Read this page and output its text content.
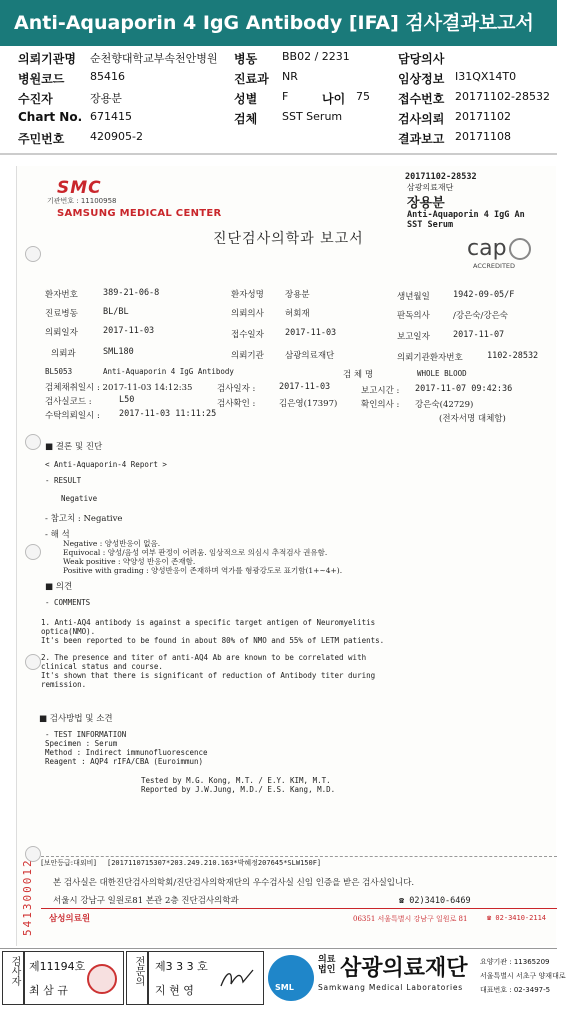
Anti-Aquaporin 4 IgG Antibody [IFA] 검사결과보고서
의뢰기관명 순천향대학교부속천안병원 병동 BB02 / 2231	담당의사
병원코드 85416	진료과 NR	임상정보 I31QX14T0
수진자	장용분	성별 F	나이 75 접수번호 20171102-28532
Chart No. 671415	검체 SST Serum	검사의뢰 20171102
주민번호 420905-2	결과보고 20171108
SMC
기관번호 : 11100958
SAMSUNG MEDICAL CENTER
20171102-28532
삼광의료재단
장용분
Anti-Aquaporin 4 IgG An
SST Serum
cap
ACCREDITED
진단검사의학과 보고서
환자번호	389-21-06-8	환자성명 장용분	생년월일	1942-09-05/F
진료병동	BL/BL	의뢰의사 허회재	판독의사	/강은숙/강은숙
의뢰일자	2017-11-03	접수일자 2017-11-03	보고일자	2017-11-07
의뢰과	SML180	의뢰기관 삼광의료재단	의뢰기관환자번호	1102-28532
BL5053	Anti-Aquaporin 4 IgG Antibody	검 체 명	WHOLE BLOOD
검체채취일시 : 2017-11-03 14:12:35	검사일자 :	2017-11-03	보고시간 : 2017-11-07 09:42:36
검사실코드 :	L50	검사확인 :	김은영(17397)	확인의사 : 강은숙(42729)
수탁의뢰일시 : 2017-11-03 11:11:25	(전자서명 대체함)
■ 결론 및 진단
< Anti-Aquaporin-4 Report >
- RESULT
Negative
- 참고치 : Negative
- 해 석
Negative : 양성반응이 없음.
Equivocal : 양성/음성 여부 판정이 어려움. 임상적으로 의심시 추적검사 권유함.
Weak positive : 약양성 반응이 존재함.
Positive with grading : 양성반응이 존재하며 역가를 형광강도로 표기함(1+~4+).
■ 의견
- COMMENTS
1. Anti-AQ4 antibody is against a specific target antigen of Neuromyelitis
optica(NMO).
It's been reported to be found in about 80% of NMO and 55% of LETM patients.
2. The presence and titer of anti-AQ4 Ab are known to be correlated with
clinical status and course.
It's shown that there is significant of reduction of Antibody titer during
remission.
■ 검사방법 및 소견
- TEST INFORMATION
Specimen : Serum
Method : Indirect immunofluorescence
Reagent : AQP4 rIFA/CBA (Euroimmun)
Tested by M.G. Kong, M.T. / E.Y. KIM, M.T.
Reported by J.W.Jung, M.D./ E.S. Kang, M.D.
541300012 [보안등급:대외비] [2017110715307*203.249.210.163*박혜정207645*SLW150F]
본 검사실은 대한진단검사의학회/진단검사의학재단의 우수검사실 신임 인증을 받은 검사실입니다.
서울시 강남구 일원로81 본관 2층 진단검사의학과	☎ 02)3410-6469
삼성의료원	06351 서울특별시 강남구 일원로 81	☎ 02-3410-2114
검사자 제11194호
최 삼 규
전문의 제3 3 3 호
지 현 영	SML
의료법인 삼광의료재단
Samkwang Medical Laboratories
요양기관 : 11365209
서울특별시 서초구 양재대로
대표번호 : 02-3497-5
